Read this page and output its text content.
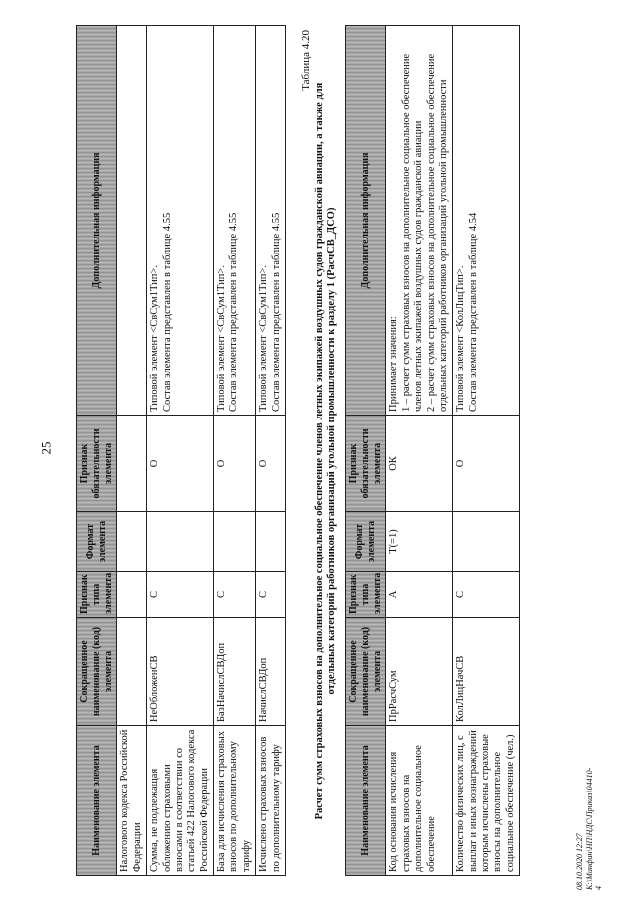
25
Наименование элемента	Сокращенное наименование (код) элемента	Признак типа элемента	Формат элемента	Признак обязательности элемента	Дополнительная информация
Налогового кодекса Российской Федерации					

Сумма, не подлежащая обложению страховыми взносами в соответствии со статьей 422 Налогового кодекса Российской Федерации	НеОбложенСВ	С		О	Типовой элемент <СвСум1Тип>. Состав элемента представлен в таблице 4.55

База для исчисления страховых взносов по дополнительному тарифу	БазНачислСВДоп	С		О	Типовой элемент <СвСум1Тип>. Состав элемента представлен в таблице 4.55

Исчислено страховых взносов по дополнительному тарифу	НачислСВДоп	С		О	Типовой элемент <СвСум1Тип>. Состав элемента представлен в таблице 4.55
Таблица 4.20
Расчет сумм страховых взносов на дополнительное социальное обеспечение членов летных экипажей воздушных судов гражданской авиации, а также для отдельных категорий работников организаций угольной промышленности к разделу 1 (РасчСВ_ДСО)
Наименование элемента	Сокращенное наименование (код) элемента	Признак типа элемента	Формат элемента	Признак обязательности элемента	Дополнительная информация
Код основания исчисления страховых взносов на дополнительное социальное обеспечение	ПрРасчСум	А	Т(=1)	ОК	Принимает значения: 1 – расчет сумм страховых взносов на дополнительное социальное обеспечение членов летных экипажей воздушных судов гражданской авиации 2 – расчет сумм страховых взносов на дополнительное социальное обеспечение отдельных категорий работников организаций угольной промышленности

Количество физических лиц, с выплат и иных вознаграждений которым исчислены страховые взносы на дополнительное социальное обеспечение (чел.)	КолЛицНачСВ	С		О	Типовой элемент <КолЛицТип>. Состав элемента представлен в таблице 4.54
08.10.2020 12:27 К:\Минфин\НП\НДС\Приказ\04410-4
